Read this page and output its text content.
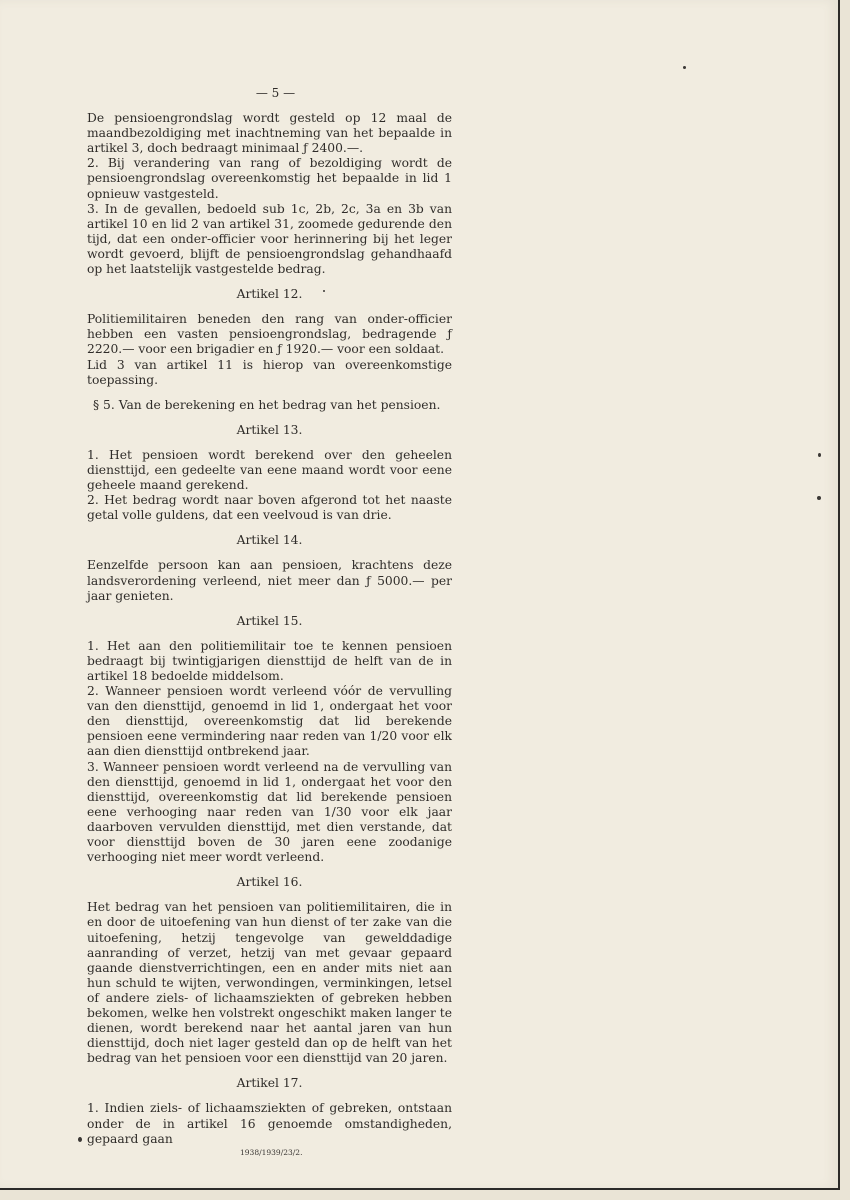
— 5 —

De pensioengrondslag wordt gesteld op 12 maal de maandbezoldiging met inachtneming van het bepaalde in artikel 3, doch bedraagt minimaal ƒ 2400.—.

2. Bij verandering van rang of bezoldiging wordt de pensioengrondslag overeenkomstig het bepaalde in lid 1 opnieuw vastgesteld.

3. In de gevallen, bedoeld sub 1c, 2b, 2c, 3a en 3b van artikel 10 en lid 2 van artikel 31, zoomede gedurende den tijd, dat een onder-officier voor herinnering bij het leger wordt gevoerd, blijft de pensioengrondslag gehandhaafd op het laatstelijk vastgestelde bedrag.

Artikel 12.

Politiemilitairen beneden den rang van onder-officier hebben een vasten pensioengrondslag, bedragende ƒ 2220.— voor een brigadier en ƒ 1920.— voor een soldaat.

Lid 3 van artikel 11 is hierop van overeenkomstige toepassing.

§ 5. Van de berekening en het bedrag van het pensioen.
Artikel 13.

1. Het pensioen wordt berekend over den geheelen diensttijd, een gedeelte van eene maand wordt voor eene geheele maand gerekend.

2. Het bedrag wordt naar boven afgerond tot het naaste getal volle guldens, dat een veelvoud is van drie.

Artikel 14.

Eenzelfde persoon kan aan pensioen, krachtens deze landsverordening verleend, niet meer dan ƒ 5000.— per jaar genieten.

Artikel 15.

1. Het aan den politiemilitair toe te kennen pensioen bedraagt bij twintigjarigen diensttijd de helft van de in artikel 18 bedoelde middelsom.

2. Wanneer pensioen wordt verleend vóór de vervulling van den diensttijd, genoemd in lid 1, ondergaat het voor den diensttijd, overeenkomstig dat lid berekende pensioen eene vermindering naar reden van 1/20 voor elk aan dien diensttijd ontbrekend jaar.

3. Wanneer pensioen wordt verleend na de vervulling van den diensttijd, genoemd in lid 1, ondergaat het voor den diensttijd, overeenkomstig dat lid berekende pensioen eene verhooging naar reden van 1/30 voor elk jaar daarboven vervulden diensttijd, met dien verstande, dat voor diensttijd boven de 30 jaren eene zoodanige verhooging niet meer wordt verleend.

Artikel 16.

Het bedrag van het pensioen van politiemilitairen, die in en door de uitoefening van hun dienst of ter zake van die uitoefening, hetzij tengevolge van gewelddadige aanranding of verzet, hetzij van met gevaar gepaard gaande dienstverrichtingen, een en ander mits niet aan hun schuld te wijten, verwondingen, verminkingen, letsel of andere ziels- of lichaamsziekten of gebreken hebben bekomen, welke hen volstrekt ongeschikt maken langer te dienen, wordt berekend naar het aantal jaren van hun diensttijd, doch niet lager gesteld dan op de helft van het bedrag van het pensioen voor een diensttijd van 20 jaren.

Artikel 17.

1. Indien ziels- of lichaamsziekten of gebreken, ontstaan onder de in artikel 16 genoemde omstandigheden, gepaard gaan

1938/1939/23/2.
